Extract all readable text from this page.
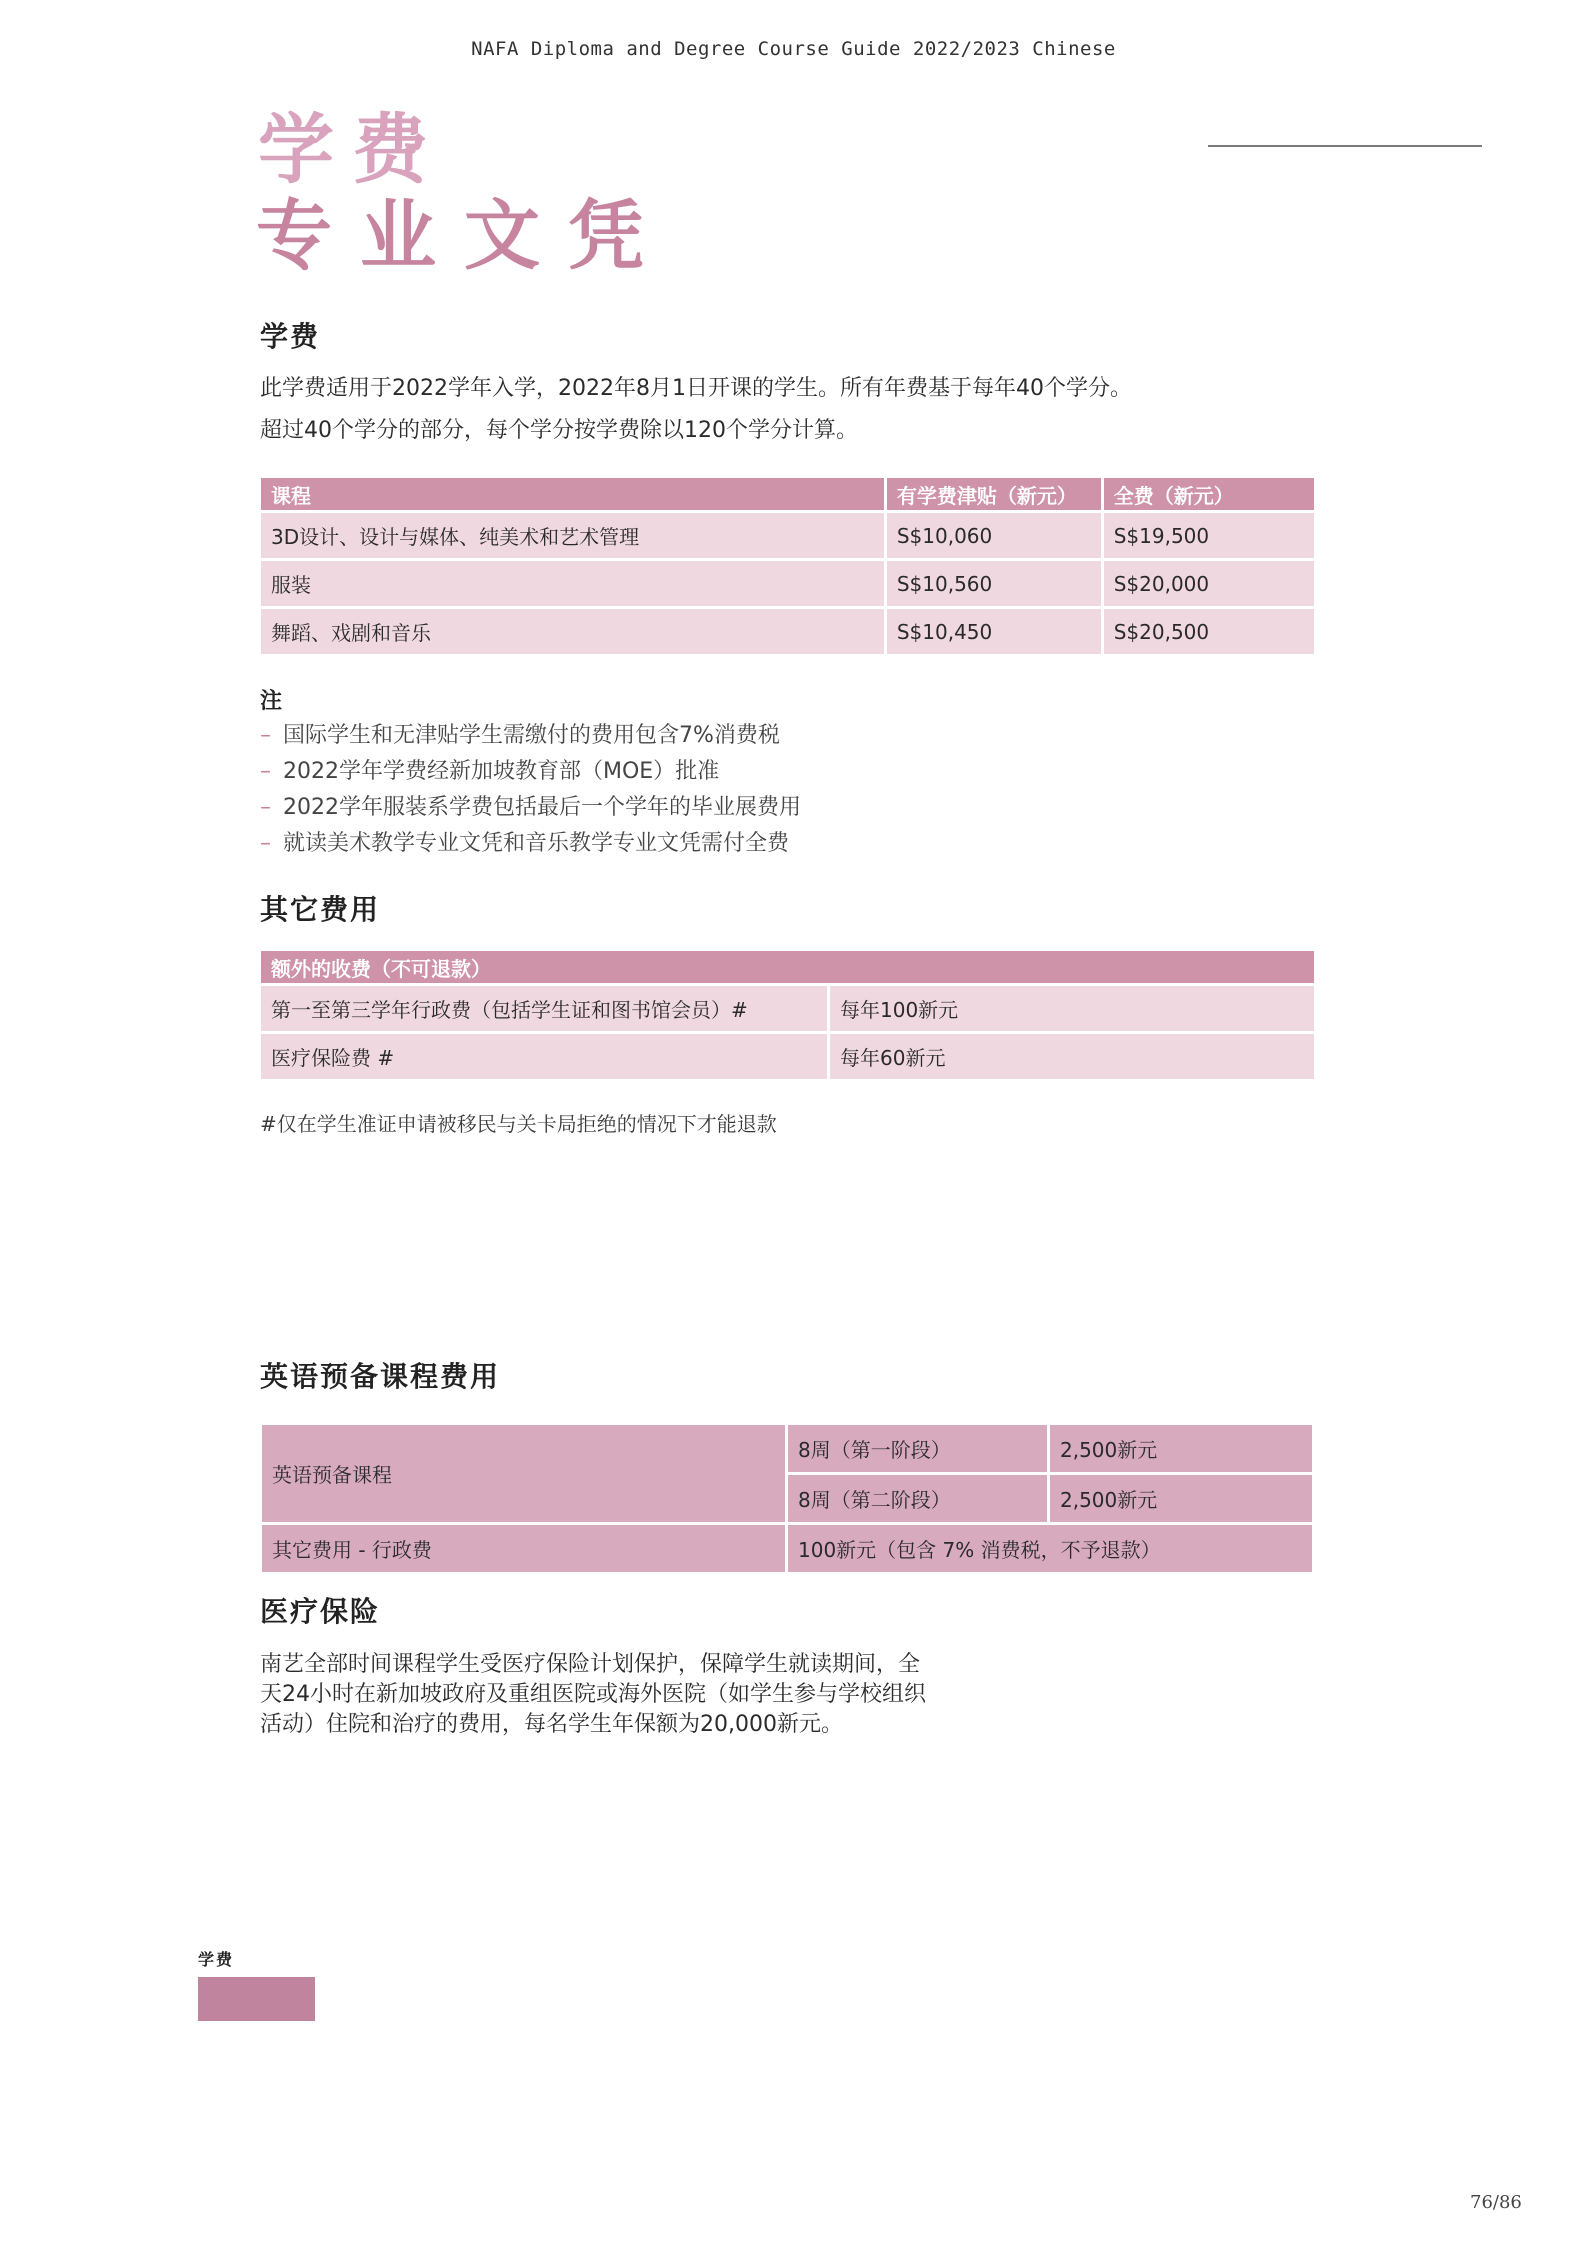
NAFA Diploma and Degree Course Guide 2022/2023 Chinese
学费
专业文凭
学费
此学费适用于2022学年入学，2022年8月1日开课的学生。所有年费基于每年40个学分。
超过40个学分的部分，每个学分按学费除以120个学分计算。
课程	有学费津贴（新元）	全费（新元）
3D设计、设计与媒体、纯美术和艺术管理	S$10,060	S$19,500
服装	S$10,560	S$20,000
舞蹈、戏剧和音乐	S$10,450	S$20,500
注
– 国际学生和无津贴学生需缴付的费用包含7%消费税
– 2022学年学费经新加坡教育部（MOE）批准
– 2022学年服装系学费包括最后一个学年的毕业展费用
– 就读美术教学专业文凭和音乐教学专业文凭需付全费
其它费用
额外的收费（不可退款）	
第一至第三学年行政费（包括学生证和图书馆会员）#	每年100新元
医疗保险费 #	每年60新元
#仅在学生准证申请被移民与关卡局拒绝的情况下才能退款
英语预备课程费用
英语预备课程
8周（第一阶段）	2,500新元
8周（第二阶段）	2,500新元
其它费用 - 行政费	100新元（包含 7% 消费税，不予退款）
医疗保险
南艺全部时间课程学生受医疗保险计划保护，保障学生就读期间，全
天24小时在新加坡政府及重组医院或海外医院（如学生参与学校组织
活动）住院和治疗的费用，每名学生年保额为20,000新元。
学费
76/86
